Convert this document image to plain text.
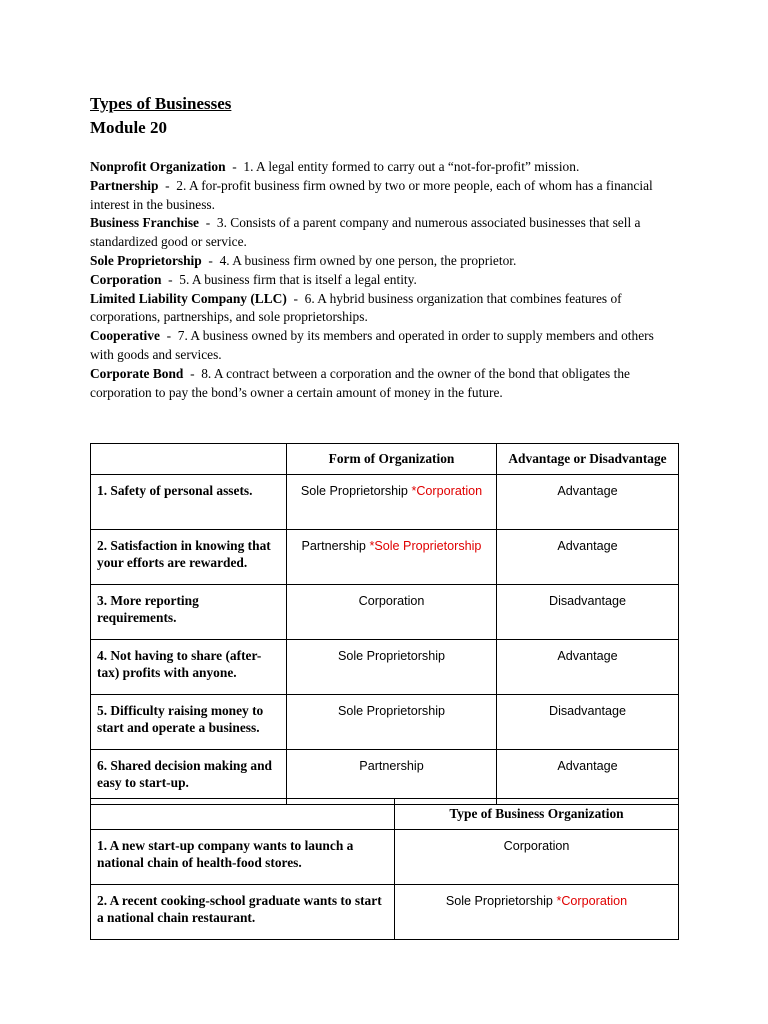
Types of Businesses

Module 20

Nonprofit Organization  -  1. A legal entity formed to carry out a “not-for-profit” mission.

Partnership  -  2. A for-profit business firm owned by two or more people, each of whom has a financial interest in the business.

Business Franchise  -  3. Consists of a parent company and numerous associated businesses that sell a standardized good or service.

Sole Proprietorship  -  4. A business firm owned by one person, the proprietor.

Corporation  -  5. A business firm that is itself a legal entity.

Limited Liability Company (LLC)  -  6. A hybrid business organization that combines features of corporations, partnerships, and sole proprietorships.

Cooperative  -  7. A business owned by its members and operated in order to supply members and others with goods and services.

Corporate Bond  -  8. A contract between a corporation and the owner of the bond that obligates the corporation to pay the bond’s owner a certain amount of money in the future.

	Form of Organization	Advantage or Disadvantage
1. Safety of personal assets.	Sole Proprietorship *Corporation	Advantage
2. Satisfaction in knowing that your efforts are rewarded.	Partnership *Sole Proprietorship	Advantage
3. More reporting requirements.	Corporation	Disadvantage
4. Not having to share (after-tax) profits with anyone.	Sole Proprietorship	Advantage
5. Difficulty raising money to start and operate a business.	Sole Proprietorship	Disadvantage
6. Shared decision making and easy to start-up.	Partnership	Advantage
	Type of Business Organization
1. A new start-up company wants to launch a national chain of health-food stores.	Corporation
2. A recent cooking-school graduate wants to start a national chain restaurant.	Sole Proprietorship *Corporation
